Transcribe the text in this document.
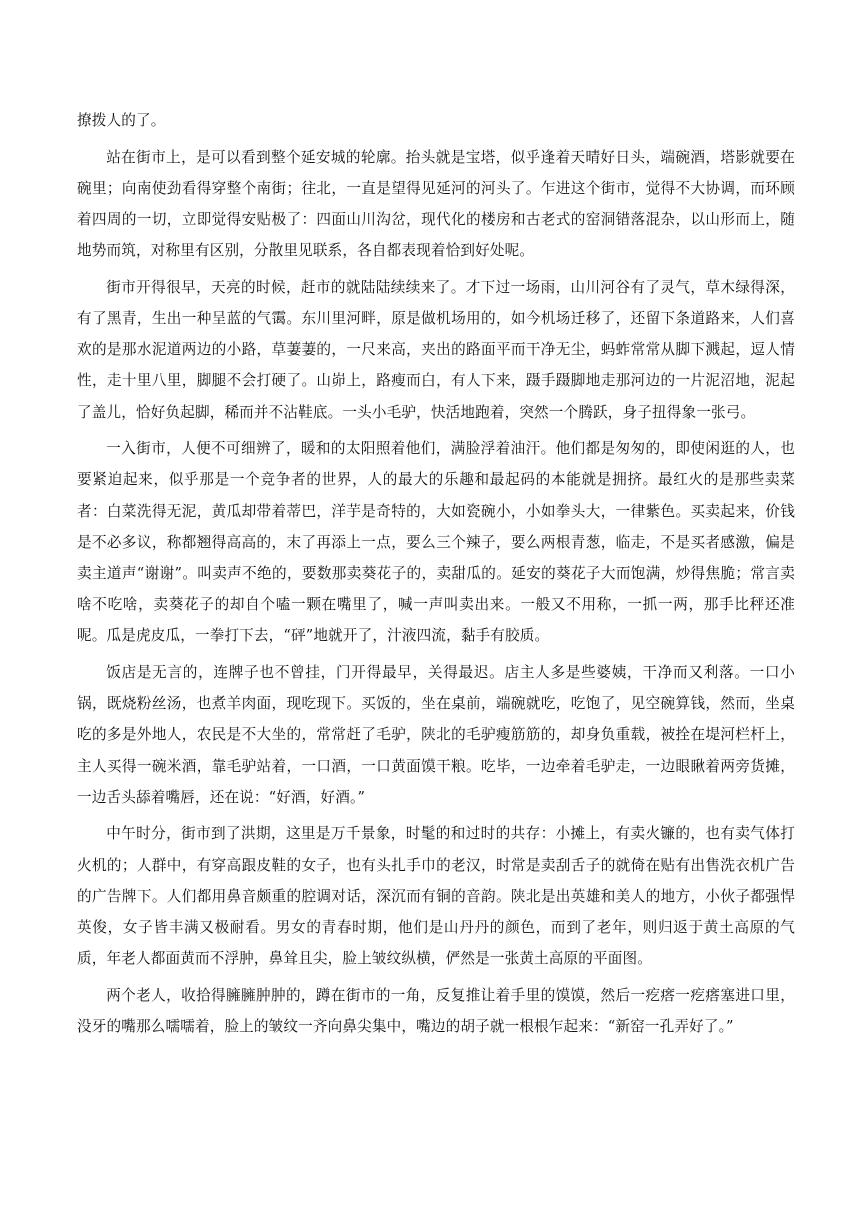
撩拨人的了。

站在街市上，是可以看到整个延安城的轮廓。抬头就是宝塔，似乎逢着天晴好日头，端碗酒，塔影就要在碗里；向南使劲看得穿整个南街；往北，一直是望得见延河的河头了。乍进这个街市，觉得不大协调，而环顾着四周的一切，立即觉得安贴极了：四面山川沟岔，现代化的楼房和古老式的窑洞错落混杂，以山形而上，随地势而筑，对称里有区别，分散里见联系，各自都表现着恰到好处呢。

街市开得很早，天亮的时候，赶市的就陆陆续续来了。才下过一场雨，山川河谷有了灵气，草木绿得深，有了黑青，生出一种呈蓝的气霭。东川里河畔，原是做机场用的，如今机场迁移了，还留下条道路来，人们喜欢的是那水泥道两边的小路，草萋萋的，一尺来高，夹出的路面平而干净无尘，蚂蚱常常从脚下溅起，逗人情性，走十里八里，脚腿不会打硬了。山峁上，路瘦而白，有人下来，蹑手蹑脚地走那河边的一片泥沼地，泥起了盖儿，恰好负起脚，稀而并不沾鞋底。一头小毛驴，快活地跑着，突然一个腾跃，身子扭得象一张弓。

一入街市，人便不可细辨了，暖和的太阳照着他们，满脸浮着油汗。他们都是匆匆的，即使闲逛的人，也要紧迫起来，似乎那是一个竞争者的世界，人的最大的乐趣和最起码的本能就是拥挤。最红火的是那些卖菜者：白菜洗得无泥，黄瓜却带着蒂巴，洋芋是奇特的，大如瓷碗小，小如拳头大，一律紫色。买卖起来，价钱是不必多议，称都翘得高高的，末了再添上一点，要么三个辣子，要么两根青葱，临走，不是买者感激，偏是卖主道声“谢谢”。叫卖声不绝的，要数那卖葵花子的，卖甜瓜的。延安的葵花子大而饱满，炒得焦脆；常言卖啥不吃啥，卖葵花子的却自个嗑一颗在嘴里了，喊一声叫卖出来。一般又不用称，一抓一两，那手比秤还准呢。瓜是虎皮瓜，一拳打下去，“砰”地就开了，汁液四流，黏手有胶质。

饭店是无言的，连牌子也不曾挂，门开得最早，关得最迟。店主人多是些婆姨，干净而又利落。一口小锅，既烧粉丝汤，也煮羊肉面，现吃现下。买饭的，坐在桌前，端碗就吃，吃饱了，见空碗算钱，然而，坐桌吃的多是外地人，农民是不大坐的，常常赶了毛驴，陕北的毛驴瘦筋筋的，却身负重载，被拴在堤河栏杆上，主人买得一碗米酒，靠毛驴站着，一口酒，一口黄面馍干粮。吃毕，一边牵着毛驴走，一边眼瞅着两旁货摊，一边舌头舔着嘴唇，还在说：“好酒，好酒。”

中午时分，街市到了洪期，这里是万千景象，时髦的和过时的共存：小摊上，有卖火镰的，也有卖气体打火机的；人群中，有穿高跟皮鞋的女子，也有头扎手巾的老汉，时常是卖刮舌子的就倚在贴有出售洗衣机广告的广告牌下。人们都用鼻音颇重的腔调对话，深沉而有铜的音韵。陕北是出英雄和美人的地方，小伙子都强悍英俊，女子皆丰满又极耐看。男女的青春时期，他们是山丹丹的颜色，而到了老年，则归返于黄土高原的气质，年老人都面黄而不浮肿，鼻耸且尖，脸上皱纹纵横，俨然是一张黄土高原的平面图。

两个老人，收拾得臃臃肿肿的，蹲在街市的一角，反复推让着手里的馍馍，然后一疙瘩一疙瘩塞进口里，没牙的嘴那么嚅嚅着，脸上的皱纹一齐向鼻尖集中，嘴边的胡子就一根根乍起来：“新窑一孔弄好了。”
